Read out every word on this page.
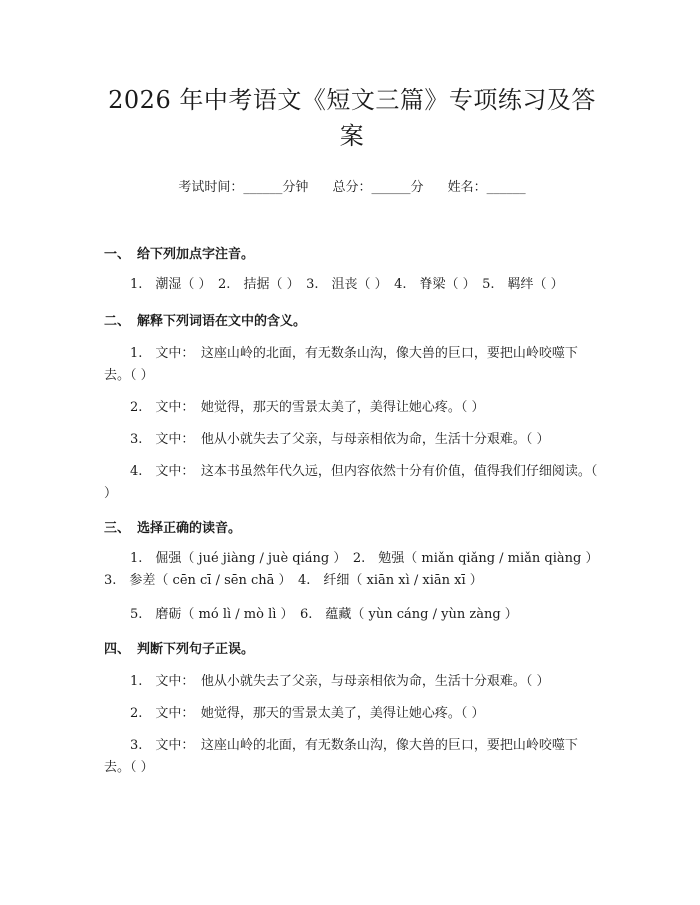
2026 年中考语文《短文三篇》专项练习及答
案
考试时间：______分钟 总分：______分 姓名：______

一、 给下列加点字注音。

1.　潮湿（ ）　2.　拮据（ ）　3.　沮丧（ ）　4.　脊梁（ ）　5.　羁绊（ ）

二、 解释下列词语在文中的含义。

1.　文中：　这座山岭的北面，有无数条山沟，像大兽的巨口，要把山岭咬噬下去。（ ）

2.　文中：　她觉得，那天的雪景太美了，美得让她心疼。（ ）

3.　文中：　他从小就失去了父亲，与母亲相依为命，生活十分艰难。（ ）

4.　文中：　这本书虽然年代久远，但内容依然十分有价值，值得我们仔细阅读。（ ）

三、 选择正确的读音。

1.　倔强（ jué jiàng / juè qiáng ）　2.　勉强（ miǎn qiǎng / miǎn qiàng ）　3.　参差（ cēn cī / sēn chā ）　4.　纤细（ xiān xì / xiān xī ）

5.　磨砺（ mó lì / mò lì ）　6.　蕴藏（ yùn cáng / yùn zàng ）

四、 判断下列句子正误。

1.　文中：　他从小就失去了父亲，与母亲相依为命，生活十分艰难。（ ）

2.　文中：　她觉得，那天的雪景太美了，美得让她心疼。（ ）

3.　文中：　这座山岭的北面，有无数条山沟，像大兽的巨口，要把山岭咬噬下去。（ ）
